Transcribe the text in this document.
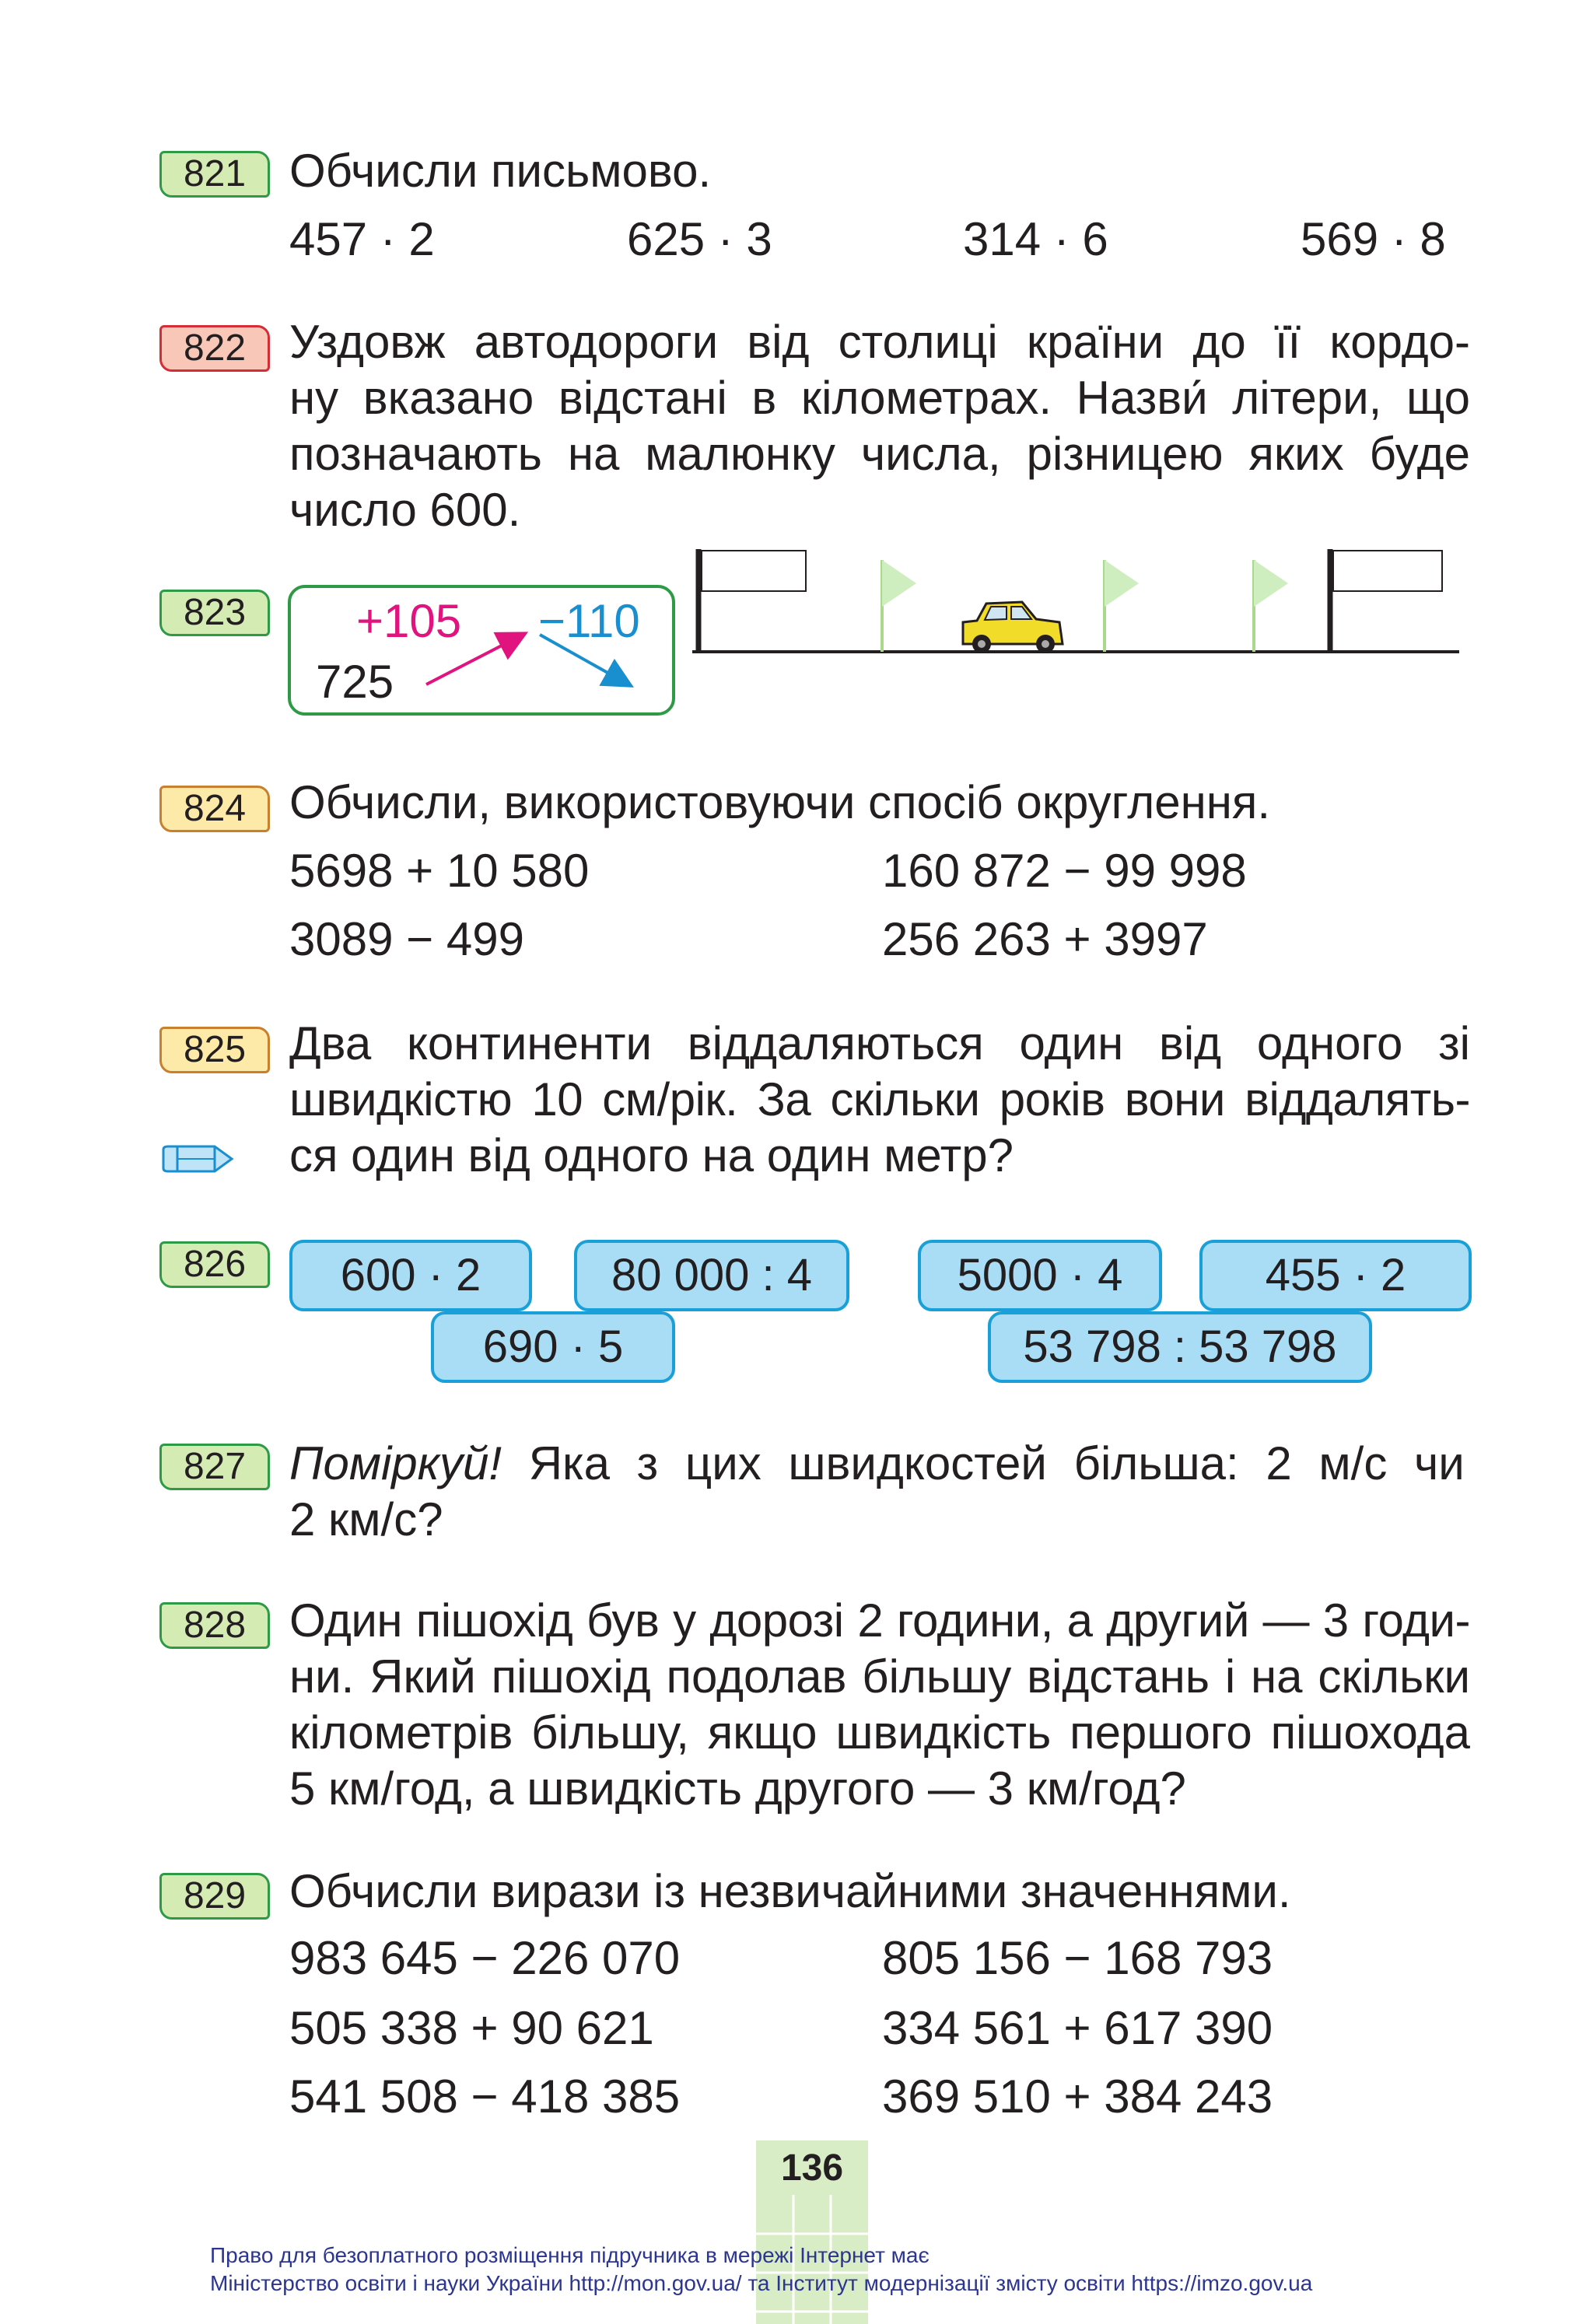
136
821 Обчисли письмово.
457 · 2	625 · 3	314 · 6	569 · 8
822 Уздовж автодороги від столиці країни до її кордо-
ну вказано відстані в кілометрах. Назви́ літери, що
позначають на малюнку числа, різницею яких буде
число 600.
823	+105 −110
725
824 Обчисли, використовуючи спосіб округлення.
5698 + 10 580	160 872 − 99 998
3089 − 499	256 263 + 3997
825 Два континенти віддаляються один від одного зі
швидкістю 10 см/рік. За скільки років вони віддалять-
ся один від одного на один метр?
826	600 · 2	80 000 : 4
690 · 5
5000 · 4	455 · 2
53 798 : 53 798
827 Поміркуй! Яка з цих швидкостей більша: 2 м/с чи
2 км/с?
828 Один пішохід був у дорозі 2 години, а другий — 3 годи-
ни. Який пішохід подолав більшу відстань і на скільки
кілометрів більшу, якщо швидкість першого пішохода
5 км/год, а швидкість другого — 3 км/год?
829 Обчисли вирази із незвичайними значеннями.
983 645 − 226 070	805 156 − 168 793
505 338 + 90 621	334 561 + 617 390
541 508 − 418 385	369 510 + 384 243
Право для безоплатного розміщення підручника в мережі Інтернет має
Міністерство освіти і науки України http://mon.gov.ua/ та Інститут модернізації змісту освіти https://imzo.gov.ua
